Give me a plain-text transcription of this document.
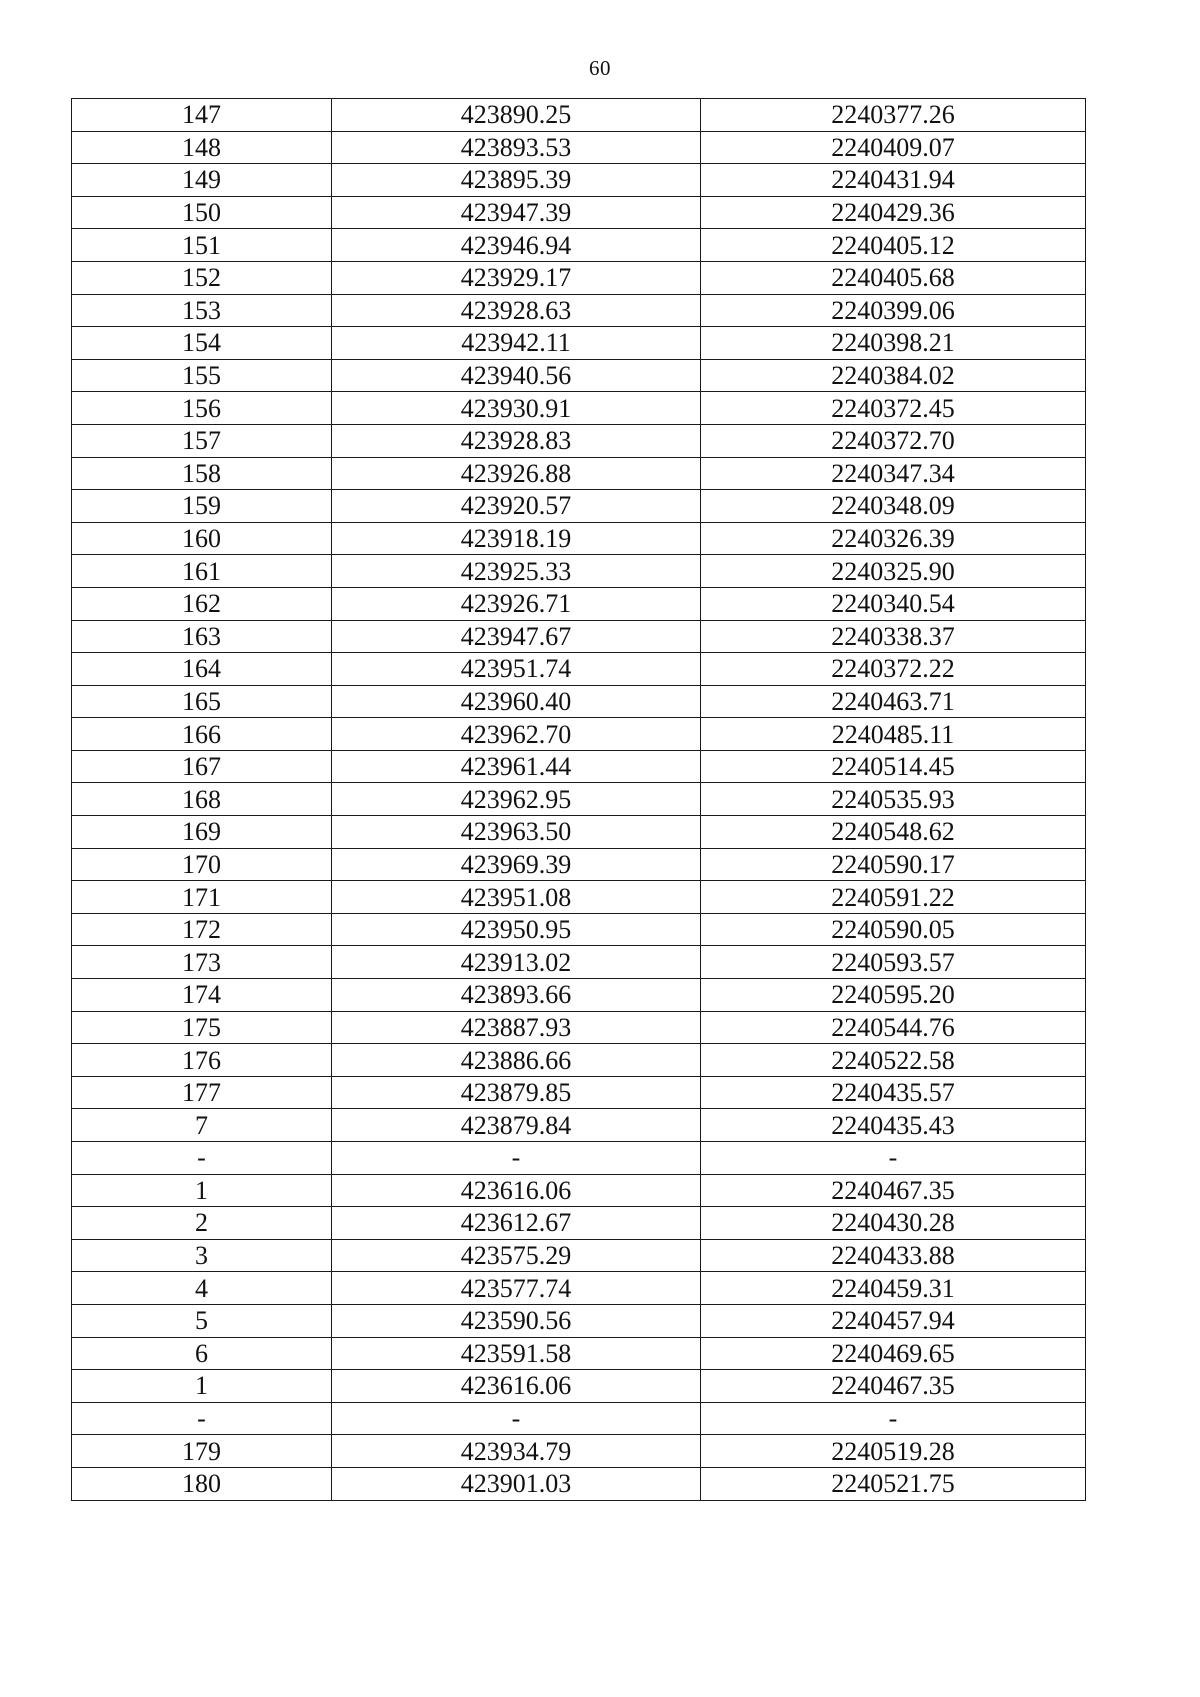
60
147	423890.25	2240377.26
148	423893.53	2240409.07
149	423895.39	2240431.94
150	423947.39	2240429.36
151	423946.94	2240405.12
152	423929.17	2240405.68
153	423928.63	2240399.06
154	423942.11	2240398.21
155	423940.56	2240384.02
156	423930.91	2240372.45
157	423928.83	2240372.70
158	423926.88	2240347.34
159	423920.57	2240348.09
160	423918.19	2240326.39
161	423925.33	2240325.90
162	423926.71	2240340.54
163	423947.67	2240338.37
164	423951.74	2240372.22
165	423960.40	2240463.71
166	423962.70	2240485.11
167	423961.44	2240514.45
168	423962.95	2240535.93
169	423963.50	2240548.62
170	423969.39	2240590.17
171	423951.08	2240591.22
172	423950.95	2240590.05
173	423913.02	2240593.57
174	423893.66	2240595.20
175	423887.93	2240544.76
176	423886.66	2240522.58
177	423879.85	2240435.57
7	423879.84	2240435.43
-	-	-
1	423616.06	2240467.35
2	423612.67	2240430.28
3	423575.29	2240433.88
4	423577.74	2240459.31
5	423590.56	2240457.94
6	423591.58	2240469.65
1	423616.06	2240467.35
-	-	-
179	423934.79	2240519.28
180	423901.03	2240521.75
